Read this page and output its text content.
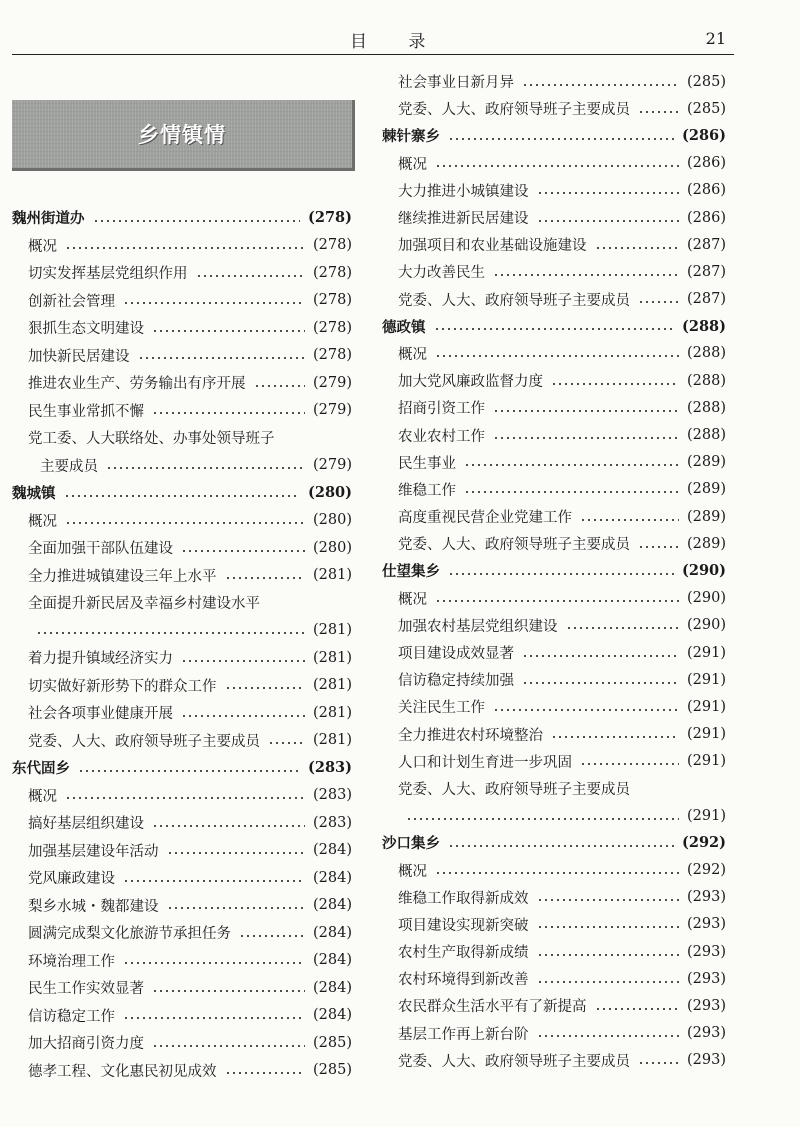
目 录	21
乡情镇情
魏州街道办	(278)
概况	(278)
切实发挥基层党组织作用	(278)
创新社会管理	(278)
狠抓生态文明建设	(278)
加快新民居建设	(278)
推进农业生产、劳务输出有序开展	(279)
民生事业常抓不懈	(279)
党工委、人大联络处、办事处领导班子
主要成员	(279)
魏城镇	(280)
概况	(280)
全面加强干部队伍建设	(280)
全力推进城镇建设三年上水平	(281)
全面提升新民居及幸福乡村建设水平
(281)
着力提升镇域经济实力	(281)
切实做好新形势下的群众工作	(281)
社会各项事业健康开展	(281)
党委、人大、政府领导班子主要成员	(281)
东代固乡	(283)
概况	(283)
搞好基层组织建设	(283)
加强基层建设年活动	(284)
党风廉政建设	(284)
梨乡水城・魏都建设	(284)
圆满完成梨文化旅游节承担任务	(284)
环境治理工作	(284)
民生工作实效显著	(284)
信访稳定工作	(284)
加大招商引资力度	(285)
德孝工程、文化惠民初见成效	(285)
社会事业日新月异	(285)
党委、人大、政府领导班子主要成员	(285)
棘针寨乡	(286)
概况	(286)
大力推进小城镇建设	(286)
继续推进新民居建设	(286)
加强项目和农业基础设施建设	(287)
大力改善民生	(287)
党委、人大、政府领导班子主要成员	(287)
德政镇	(288)
概况	(288)
加大党风廉政监督力度	(288)
招商引资工作	(288)
农业农村工作	(288)
民生事业	(289)
维稳工作	(289)
高度重视民营企业党建工作	(289)
党委、人大、政府领导班子主要成员	(289)
仕望集乡	(290)
概况	(290)
加强农村基层党组织建设	(290)
项目建设成效显著	(291)
信访稳定持续加强	(291)
关注民生工作	(291)
全力推进农村环境整治	(291)
人口和计划生育进一步巩固	(291)
党委、人大、政府领导班子主要成员
(291)
沙口集乡	(292)
概况	(292)
维稳工作取得新成效	(293)
项目建设实现新突破	(293)
农村生产取得新成绩	(293)
农村环境得到新改善	(293)
农民群众生活水平有了新提高	(293)
基层工作再上新台阶	(293)
党委、人大、政府领导班子主要成员	(293)
